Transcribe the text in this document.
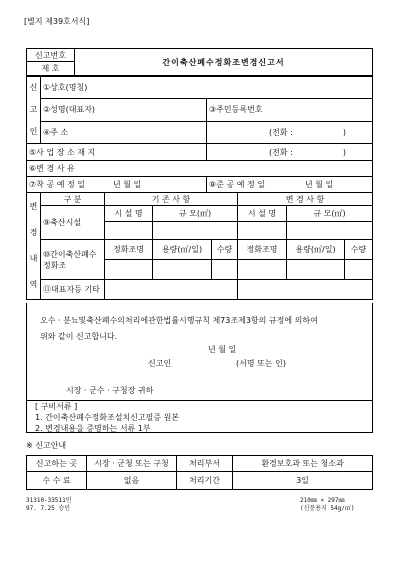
[별지 제39호서식]
신고번호	간이축산폐수정화조변경신고서
제 호
신
고
인	①상호(명칭)	
	②성명(대표자)	③주민등록번호
	④주 소	(전화 : )
⑤사 업 장 소 재 지		(전화 : )
⑥변 경 사 유		
⑦착 공 예 정 일 년 월 일		⑧준 공 예 정 일 년 월 일
변
경
내
역	구 분	기 존 사 항			변 경 사 항		
	⑨축산시설	시 설 명	규 모(㎡)		시 설 명	규 모(㎡)	

	⑩간이축산폐수정화조	정화조명	용량(㎥/일)	수량	정화조명	용량(㎥/일)	수량

	⑪대표자등 기타						
오수 · 분뇨및축산폐수의처리에관한법률시행규칙 제73조제3항의 규정에 의하여
위와 같이 신고합니다.
년 월 일
신고인	(서명 또는 인)
시장 · 군수 · 구청장 귀하
[ 구비서류 ]
1. 간이축산폐수정화조설치신고필증 원본
2. 변경내용을 증명하는 서류 1부
※ 신고안내
신고하는 곳	시장 · 군청 또는 구청	처리부서	환경보호과 또는 청소과
수 수 료	없음	처리기간	3일
31310-33511민
97. 7.25 승인
210㎜ × 297㎜
(신문용지 54g/㎡)
